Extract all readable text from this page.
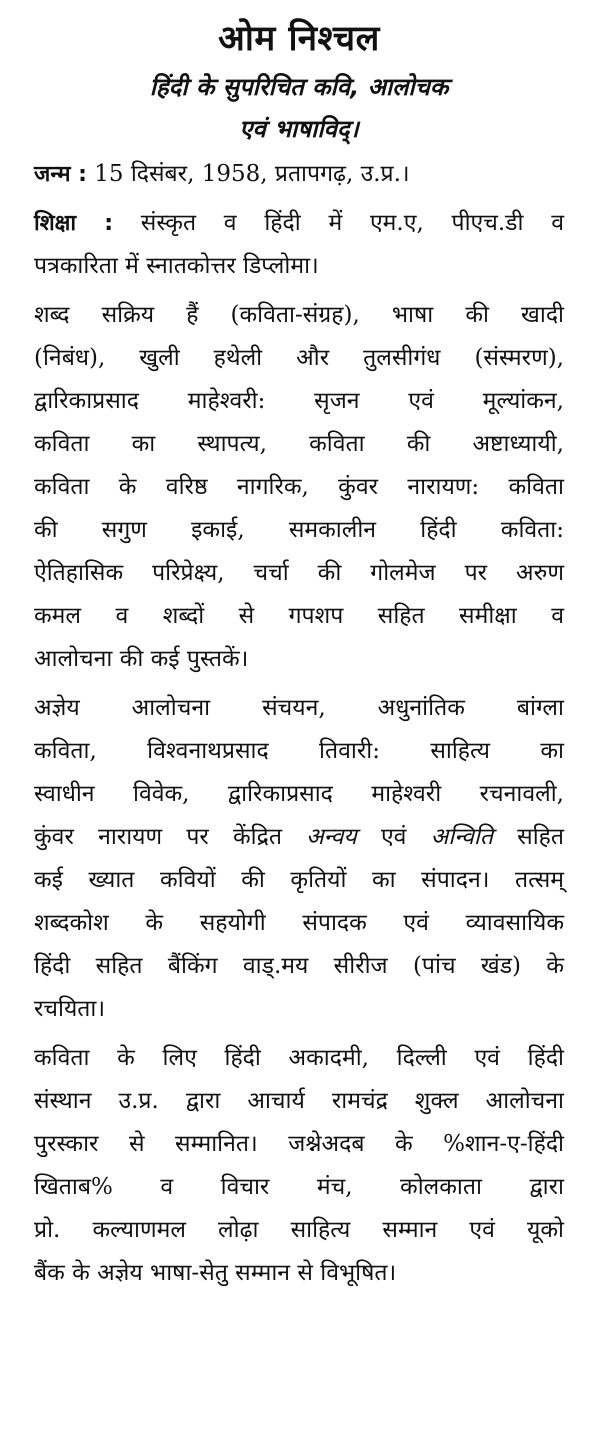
ओम निश्चल
हिंदी के सुपरिचित कवि, आलोचक
एवं भाषाविद्।
जन्म : 15 दिसंबर, 1958, प्रतापगढ़, उ.प्र.।
शिक्षा : संस्कृत व हिंदी में एम.ए, पीएच.डी व
पत्रकारिता में स्नातकोत्तर डिप्लोमा।
शब्द सक्रिय हैं (कविता-संग्रह), भाषा की खादी
(निबंध), खुली हथेली और तुलसीगंध (संस्मरण),
द्वारिकाप्रसाद माहेश्वरी: सृजन एवं मूल्यांकन,
कविता का स्थापत्य, कविता की अष्टाध्यायी,
कविता के वरिष्ठ नागरिक, कुंवर नारायण: कविता
की सगुण इकाई, समकालीन हिंदी कविता:
ऐतिहासिक परिप्रेक्ष्य, चर्चा की गोलमेज पर अरुण
कमल व शब्दों से गपशप सहित समीक्षा व
आलोचना की कई पुस्तकें।
अज्ञेय आलोचना संचयन, अधुनांतिक बांग्ला
कविता, विश्वनाथप्रसाद तिवारी: साहित्य का
स्वाधीन विवेक, द्वारिकाप्रसाद माहेश्वरी रचनावली,
कुंवर नारायण पर केंद्रित अन्वय एवं अन्विति सहित
कई ख्यात कवियों की कृतियों का संपादन। तत्सम्
शब्दकोश के सहयोगी संपादक एवं व्यावसायिक
हिंदी सहित बैंकिंग वाड्.मय सीरीज (पांच खंड) के
रचयिता।
कविता के लिए हिंदी अकादमी, दिल्ली एवं हिंदी
संस्थान उ.प्र. द्वारा आचार्य रामचंद्र शुक्ल आलोचना
पुरस्कार से सम्मानित। जश्नेअदब के %शान-ए-हिंदी
खिताब% व विचार मंच, कोलकाता द्वारा
प्रो. कल्याणमल लोढ़ा साहित्य सम्मान एवं यूको
बैंक के अज्ञेय भाषा-सेतु सम्मान से विभूषित।
